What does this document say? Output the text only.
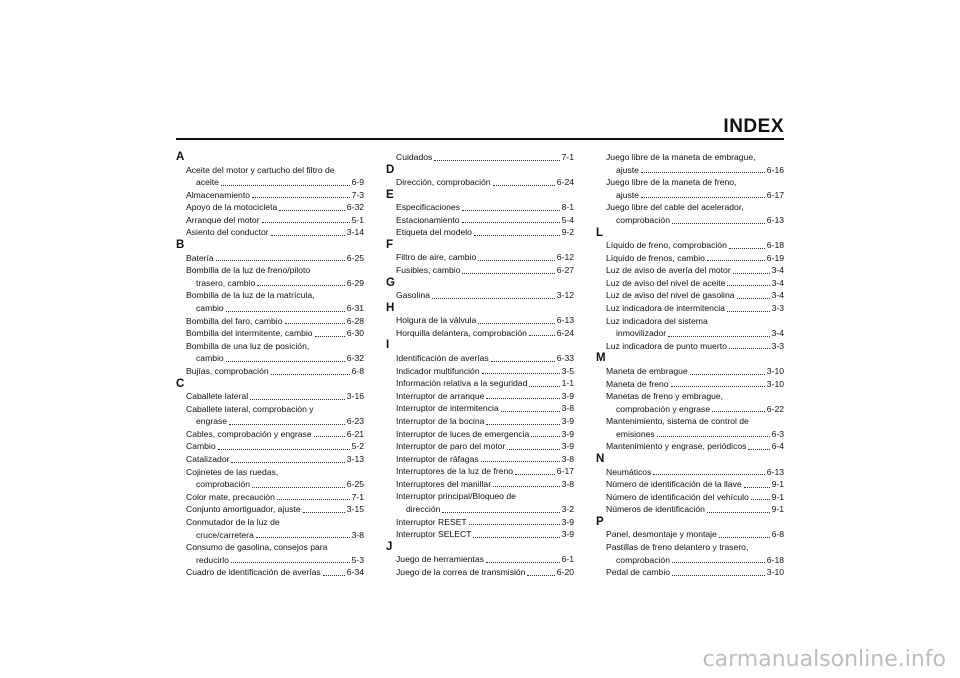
INDEX
A
Aceite del motor y cartucho del filtro de
aceite	6-9
Almacenamiento	7-3
Apoyo de la motocicleta	6-32
Arranque del motor	5-1
Asiento del conductor	3-14
B
Batería	6-25
Bombilla de la luz de freno/piloto
trasero, cambio	6-29
Bombilla de la luz de la matrícula,
cambio	6-31
Bombilla del faro, cambio	6-28
Bombilla del intermitente, cambio	6-30
Bombilla de una luz de posición,
cambio	6-32
Bujías, comprobación	6-8
C
Caballete lateral	3-16
Caballete lateral, comprobación y
engrase	6-23
Cables, comprobación y engrase	6-21
Cambio	5-2
Catalizador	3-13
Cojinetes de las ruedas,
comprobación	6-25
Color mate, precaución	7-1
Conjunto amortiguador, ajuste	3-15
Conmutador de la luz de
cruce/carretera	3-8
Consumo de gasolina, consejos para
reducirlo	5-3
Cuadro de identificación de averías	6-34
Cuidados	7-1
D
Dirección, comprobación	6-24
E
Especificaciones	8-1
Estacionamiento	5-4
Etiqueta del modelo	9-2
F
Filtro de aire, cambio	6-12
Fusibles, cambio	6-27
G
Gasolina	3-12
H
Holgura de la válvula	6-13
Horquilla delantera, comprobación	6-24
I
Identificación de averías	6-33
Indicador multifunción	3-5
Información relativa a la seguridad	1-1
Interruptor de arranque	3-9
Interruptor de intermitencia	3-8
Interruptor de la bocina	3-9
Interruptor de luces de emergencia	3-9
Interruptor de paro del motor	3-9
Interruptor de ráfagas	3-8
Interruptores de la luz de freno	6-17
Interruptores del manillar	3-8
Interruptor principal/Bloqueo de
dirección	3-2
Interruptor RESET	3-9
Interruptor SELECT	3-9
J
Juego de herramientas	6-1
Juego de la correa de transmisión	6-20
Juego libre de la maneta de embrague,
ajuste	6-16
Juego libre de la maneta de freno,
ajuste	6-17
Juego libre del cable del acelerador,
comprobación	6-13
L
Líquido de freno, comprobación	6-18
Líquido de frenos, cambio	6-19
Luz de aviso de avería del motor	3-4
Luz de aviso del nivel de aceite	3-4
Luz de aviso del nivel de gasolina	3-4
Luz indicadora de intermitencia	3-3
Luz indicadora del sistema
inmovilizador	3-4
Luz indicadora de punto muerto	3-3
M
Maneta de embrague	3-10
Maneta de freno	3-10
Manetas de freno y embrague,
comprobación y engrase	6-22
Mantenimiento, sistema de control de
emisiones	6-3
Mantenimiento y engrase, periódicos	6-4
N
Neumáticos	6-13
Número de identificación de la llave	9-1
Número de identificación del vehículo	9-1
Números de identificación	9-1
P
Panel, desmontaje y montaje	6-8
Pastillas de freno delantero y trasero,
comprobación	6-18
Pedal de cambio	3-10
carmanualsonline.info
